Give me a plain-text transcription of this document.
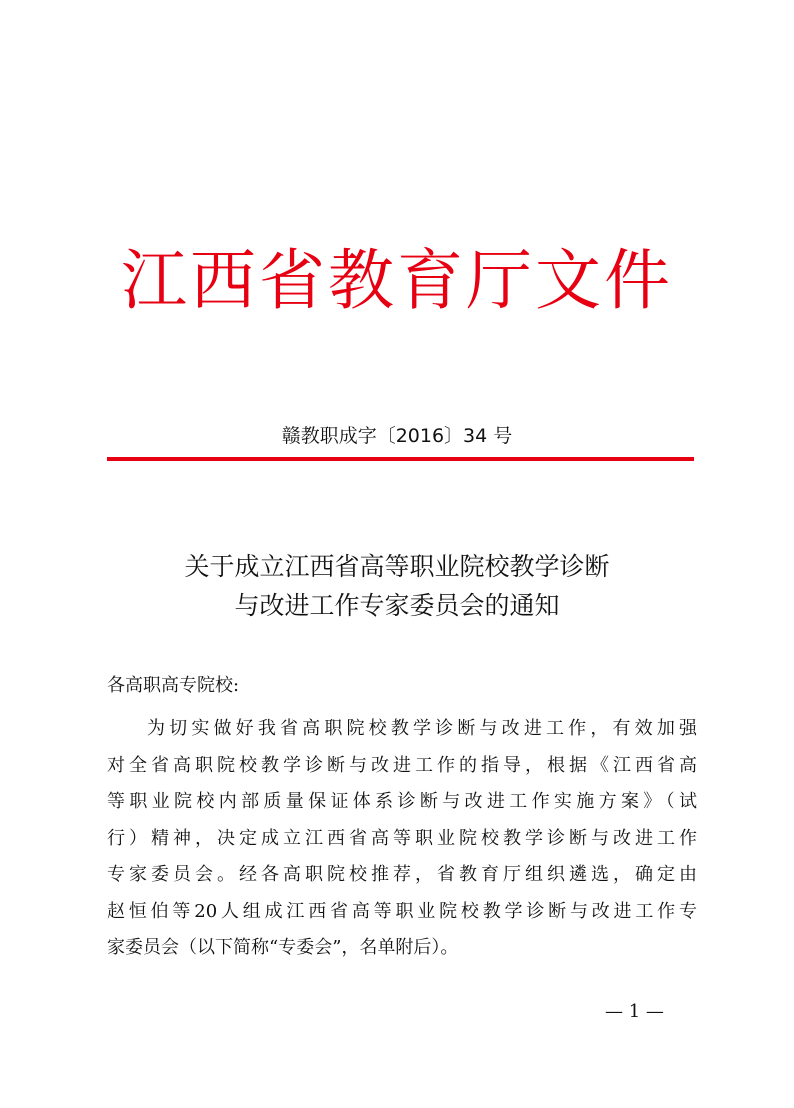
江西省教育厅文件
赣教职成字〔2016〕34 号
关于成立江西省高等职业院校教学诊断
与改进工作专家委员会的通知
各高职高专院校:
为切实做好我省高职院校教学诊断与改进工作，有效加强
对全省高职院校教学诊断与改进工作的指导，根据《江西省高
等职业院校内部质量保证体系诊断与改进工作实施方案》（试
行）精神，决定成立江西省高等职业院校教学诊断与改进工作
专家委员会。经各高职院校推荐，省教育厅组织遴选，确定由
赵恒伯等20人组成江西省高等职业院校教学诊断与改进工作专
家委员会（以下简称“专委会”，名单附后）。
— 1 —
